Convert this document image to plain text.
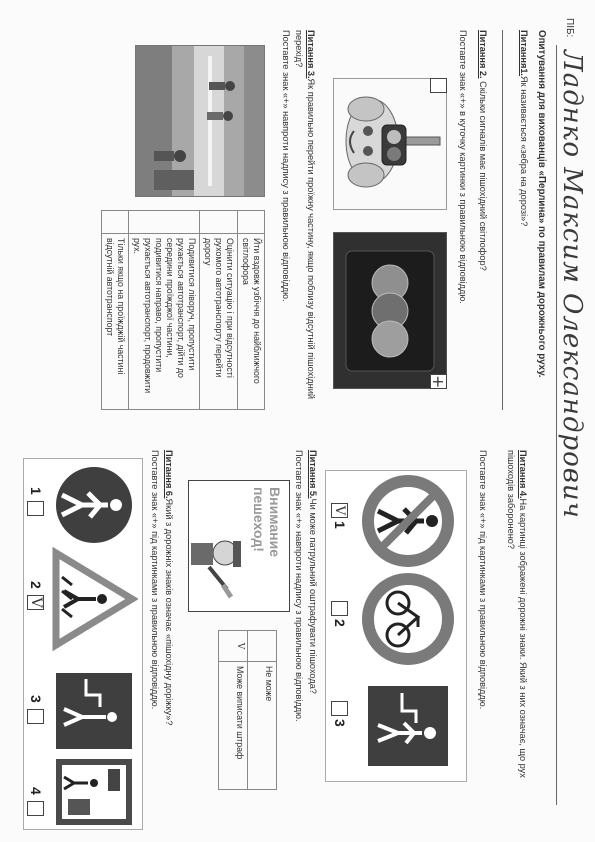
ПІБ:
Ладнко Максим Олександрович
Опитування для вихованців «Перлина» по правилам дорожнього руху.
Питання1.Як називається «зебра на дорозі»?
Питання 2. Скільки сигналів має пішохідний світлофор?
Поставте знак «+» в куточку картинки з правильною відповіддю.
+
Питання 3.Як правильно перейти проїжну частину, якщо поблизу відсутній пішохідний перехід?
Поставте знак «+» навпроти надпису з правильною відповіддю.
	Йти вздовж узбіччя до найближчого світлофора
	Оцінити ситуацію і при відсутності рухомого автотранспорту перейти дорогу
	Подивитися ліворуч, пропустити рухається автотранспорт, дійти до середини проїжджої частини, подивитися направо, пропустити рухається автотранспорт, продовжити рух.
	Тільки якщо на проїжджій частині відсутній автотранспорт
Питання 4.На картинці зображені дорожні знаки. Який з них означає, що рух пішоходів заборонено?
Поставте знак «+» під картинками з правильною відповіддю.
V
1
2
3
Питання 5.Чи може патрульний оштрафувати пішохода?
Поставте знак «+» навпроти надпису з правильною відповіддю.
Внимание пешеход!
	Не може
V	Може виписати штраф
Питання 6.Який з дорожніх знаків означає «пішохідну доріжку»?
Поставте знак «+» під картинками з правильною відповіддю.
1
V
2
3
4
